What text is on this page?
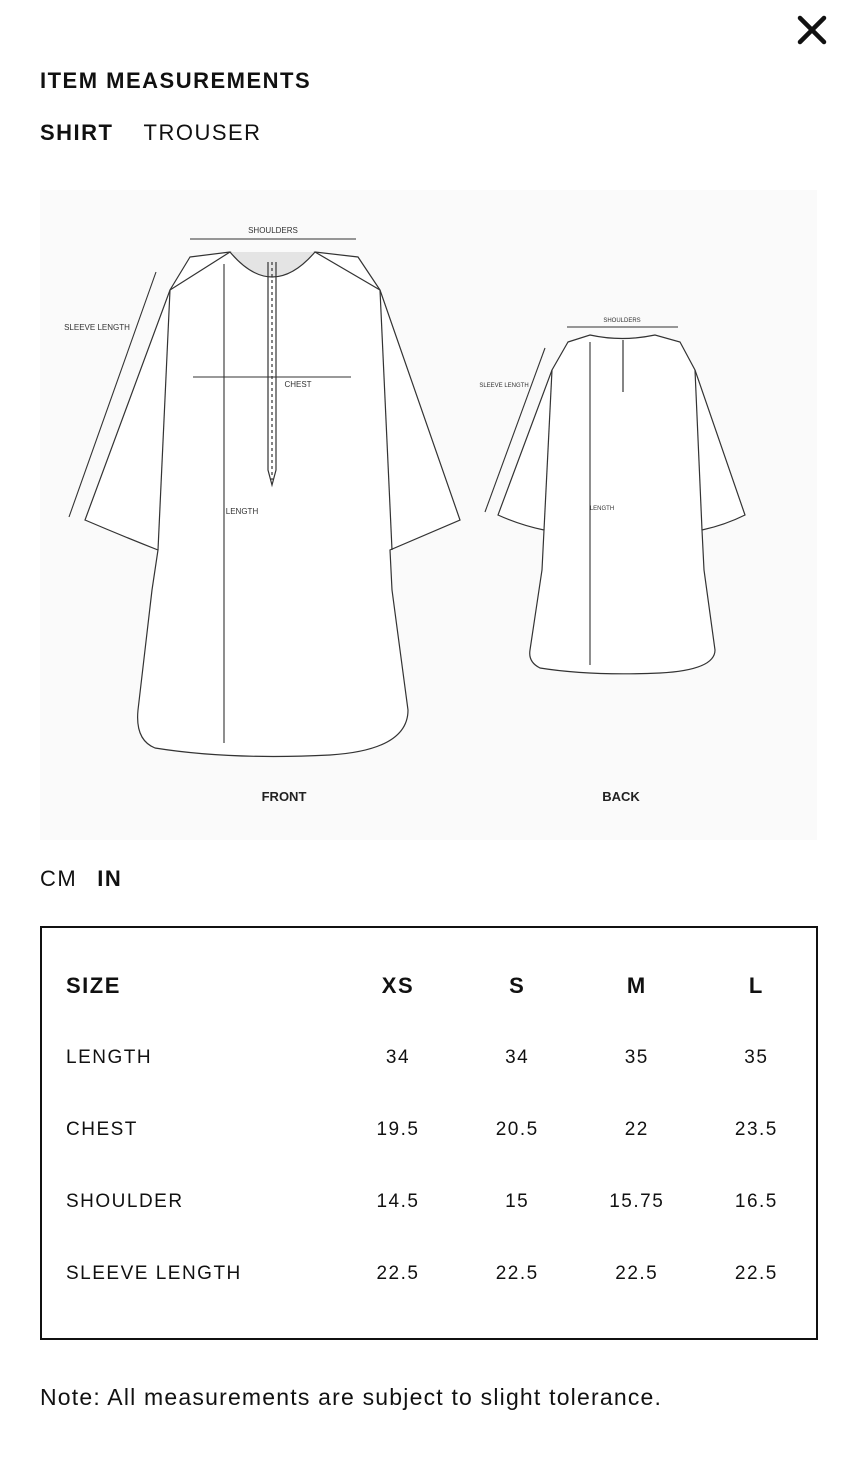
ITEM MEASUREMENTS
SHIRT TROUSER
SHOULDERS
SLEEVE LENGTH
CHEST
LENGTH
FRONT
SHOULDERS
SLEEVE LENGTH
LENGTH
BACK
CM IN
SIZE	XS	S	M	L
LENGTH	34	34	35	35
CHEST	19.5	20.5	22	23.5
SHOULDER	14.5	15	15.75	16.5
SLEEVE LENGTH	22.5	22.5	22.5	22.5
Note: All measurements are subject to slight tolerance.
